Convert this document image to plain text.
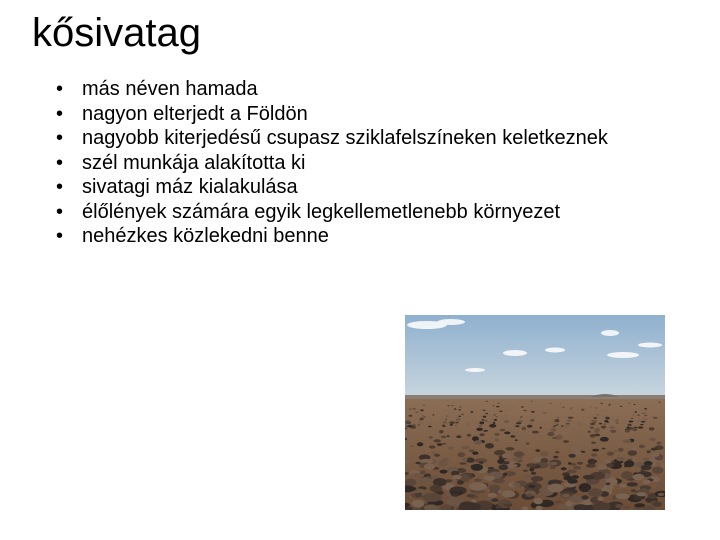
kősivatag
• más néven hamada
• nagyon elterjedt a Földön
• nagyobb kiterjedésű csupasz sziklafelszíneken keletkeznek
• szél munkája alakította ki
• sivatagi máz kialakulása
• élőlények számára egyik legkellemetlenebb környezet
• nehézkes közlekedni benne
